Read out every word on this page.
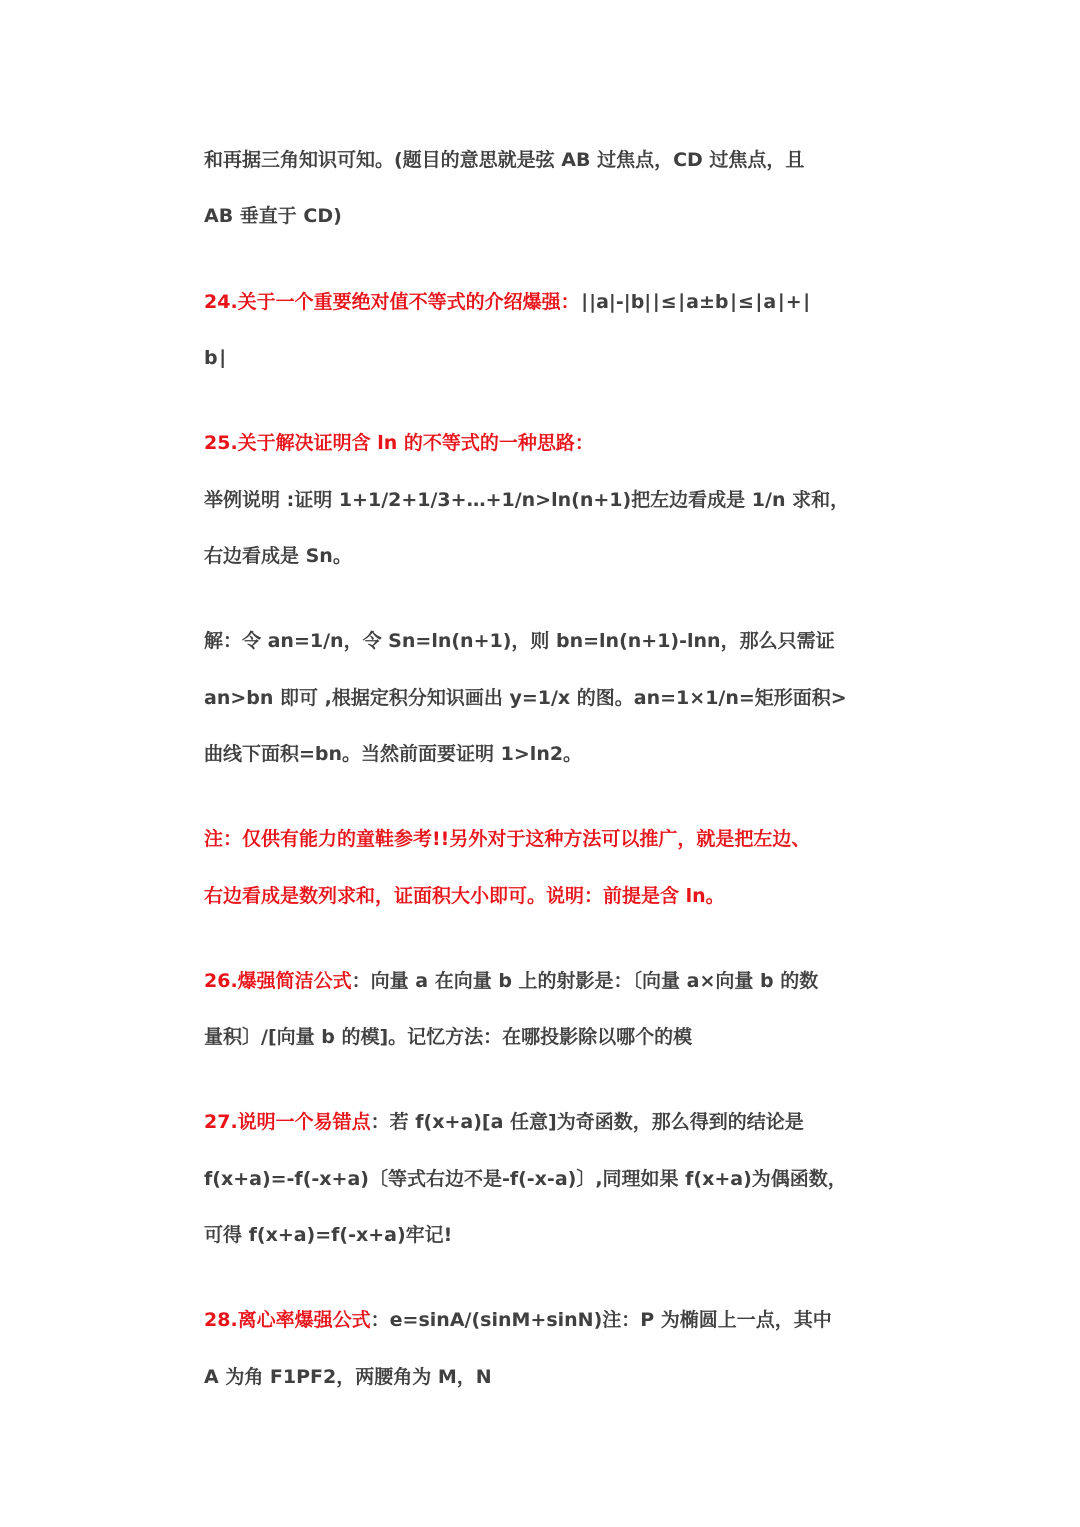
和再据三角知识可知。(题目的意思就是弦 AB 过焦点，CD 过焦点，且
AB 垂直于 CD)
24.关于一个重要绝对值不等式的介绍爆强：∣|a|-|b|∣≤∣a±b∣≤∣a∣+∣
b∣
25.关于解决证明含 ln 的不等式的一种思路：
举例说明 :证明 1+1/2+1/3+…+1/n>ln(n+1)把左边看成是 1/n 求和，
右边看成是 Sn。
解：令 an=1/n，令 Sn=ln(n+1)，则 bn=ln(n+1)-lnn，那么只需证
an>bn 即可 ,根据定积分知识画出 y=1/x 的图。an=1×1/n=矩形面积>
曲线下面积=bn。当然前面要证明 1>ln2。
注：仅供有能力的童鞋参考!!另外对于这种方法可以推广，就是把左边、
右边看成是数列求和，证面积大小即可。说明：前提是含 ln。
26.爆强简洁公式：向量 a 在向量 b 上的射影是：〔向量 a×向量 b 的数
量积〕/[向量 b 的模]。记忆方法：在哪投影除以哪个的模
27.说明一个易错点：若 f(x+a)[a 任意]为奇函数，那么得到的结论是
f(x+a)=-f(-x+a)〔等式右边不是-f(-x-a)〕,同理如果 f(x+a)为偶函数，
可得 f(x+a)=f(-x+a)牢记!
28.离心率爆强公式：e=sinA/(sinM+sinN)注：P 为椭圆上一点，其中
A 为角 F1PF2，两腰角为 M，N
